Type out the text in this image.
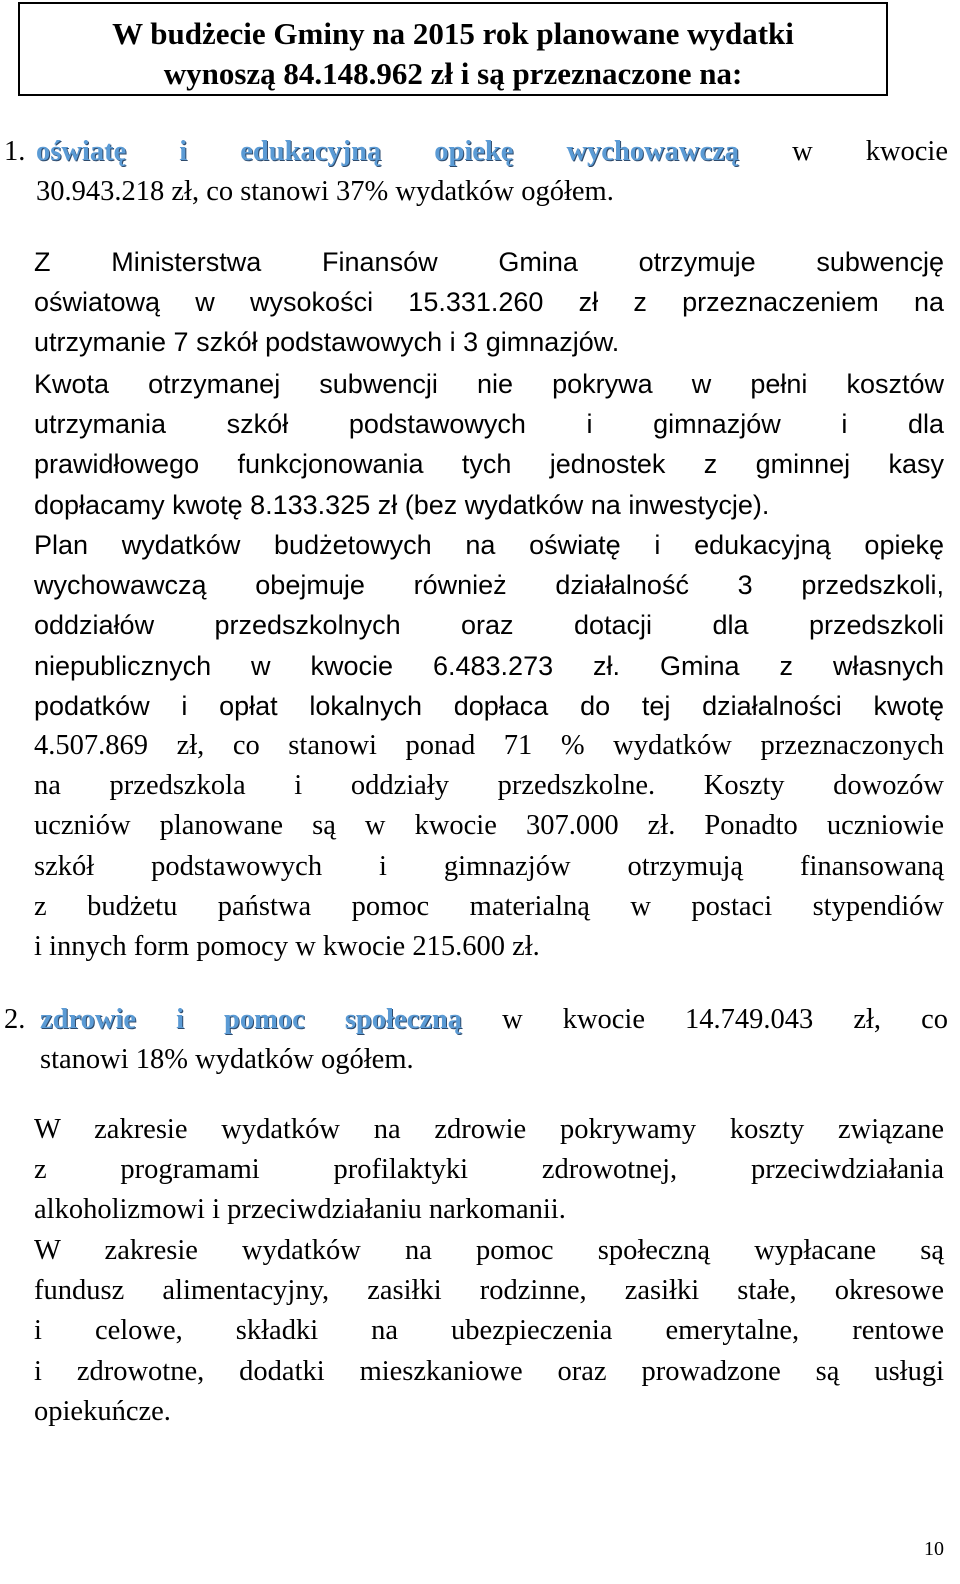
W budżecie Gminy na 2015 rok planowane wydatki
wynoszą 84.148.962 zł i są przeznaczone na:
1. oświatę i edukacyjną opiekę wychowawczą w kwocie
30.943.218 zł, co stanowi 37% wydatków ogółem.
Z Ministerstwa Finansów Gmina otrzymuje subwencję
oświatową w wysokości 15.331.260 zł z przeznaczeniem na
utrzymanie 7 szkół podstawowych i 3 gimnazjów.
Kwota otrzymanej subwencji nie pokrywa w pełni kosztów
utrzymania szkół podstawowych i gimnazjów i dla
prawidłowego funkcjonowania tych jednostek z gminnej kasy
dopłacamy kwotę 8.133.325 zł (bez wydatków na inwestycje).
Plan wydatków budżetowych na oświatę i edukacyjną opiekę
wychowawczą obejmuje również działalność 3 przedszkoli,
oddziałów przedszkolnych oraz dotacji dla przedszkoli
niepublicznych w kwocie 6.483.273 zł. Gmina z własnych
podatków i opłat lokalnych dopłaca do tej działalności kwotę
4.507.869 zł, co stanowi ponad 71 % wydatków przeznaczonych
na przedszkola i oddziały przedszkolne. Koszty dowozów
uczniów planowane są w kwocie 307.000 zł. Ponadto uczniowie
szkół podstawowych i gimnazjów otrzymują finansowaną
z budżetu państwa pomoc materialną w postaci stypendiów
i innych form pomocy w kwocie 215.600 zł.
2. zdrowie i pomoc społeczną w kwocie 14.749.043 zł, co
stanowi 18% wydatków ogółem.
W zakresie wydatków na zdrowie pokrywamy koszty związane
z programami profilaktyki zdrowotnej, przeciwdziałania
alkoholizmowi i przeciwdziałaniu narkomanii.
W zakresie wydatków na pomoc społeczną wypłacane są
fundusz alimentacyjny, zasiłki rodzinne, zasiłki stałe, okresowe
i celowe, składki na ubezpieczenia emerytalne, rentowe
i zdrowotne, dodatki mieszkaniowe oraz prowadzone są usługi
opiekuńcze.
10
